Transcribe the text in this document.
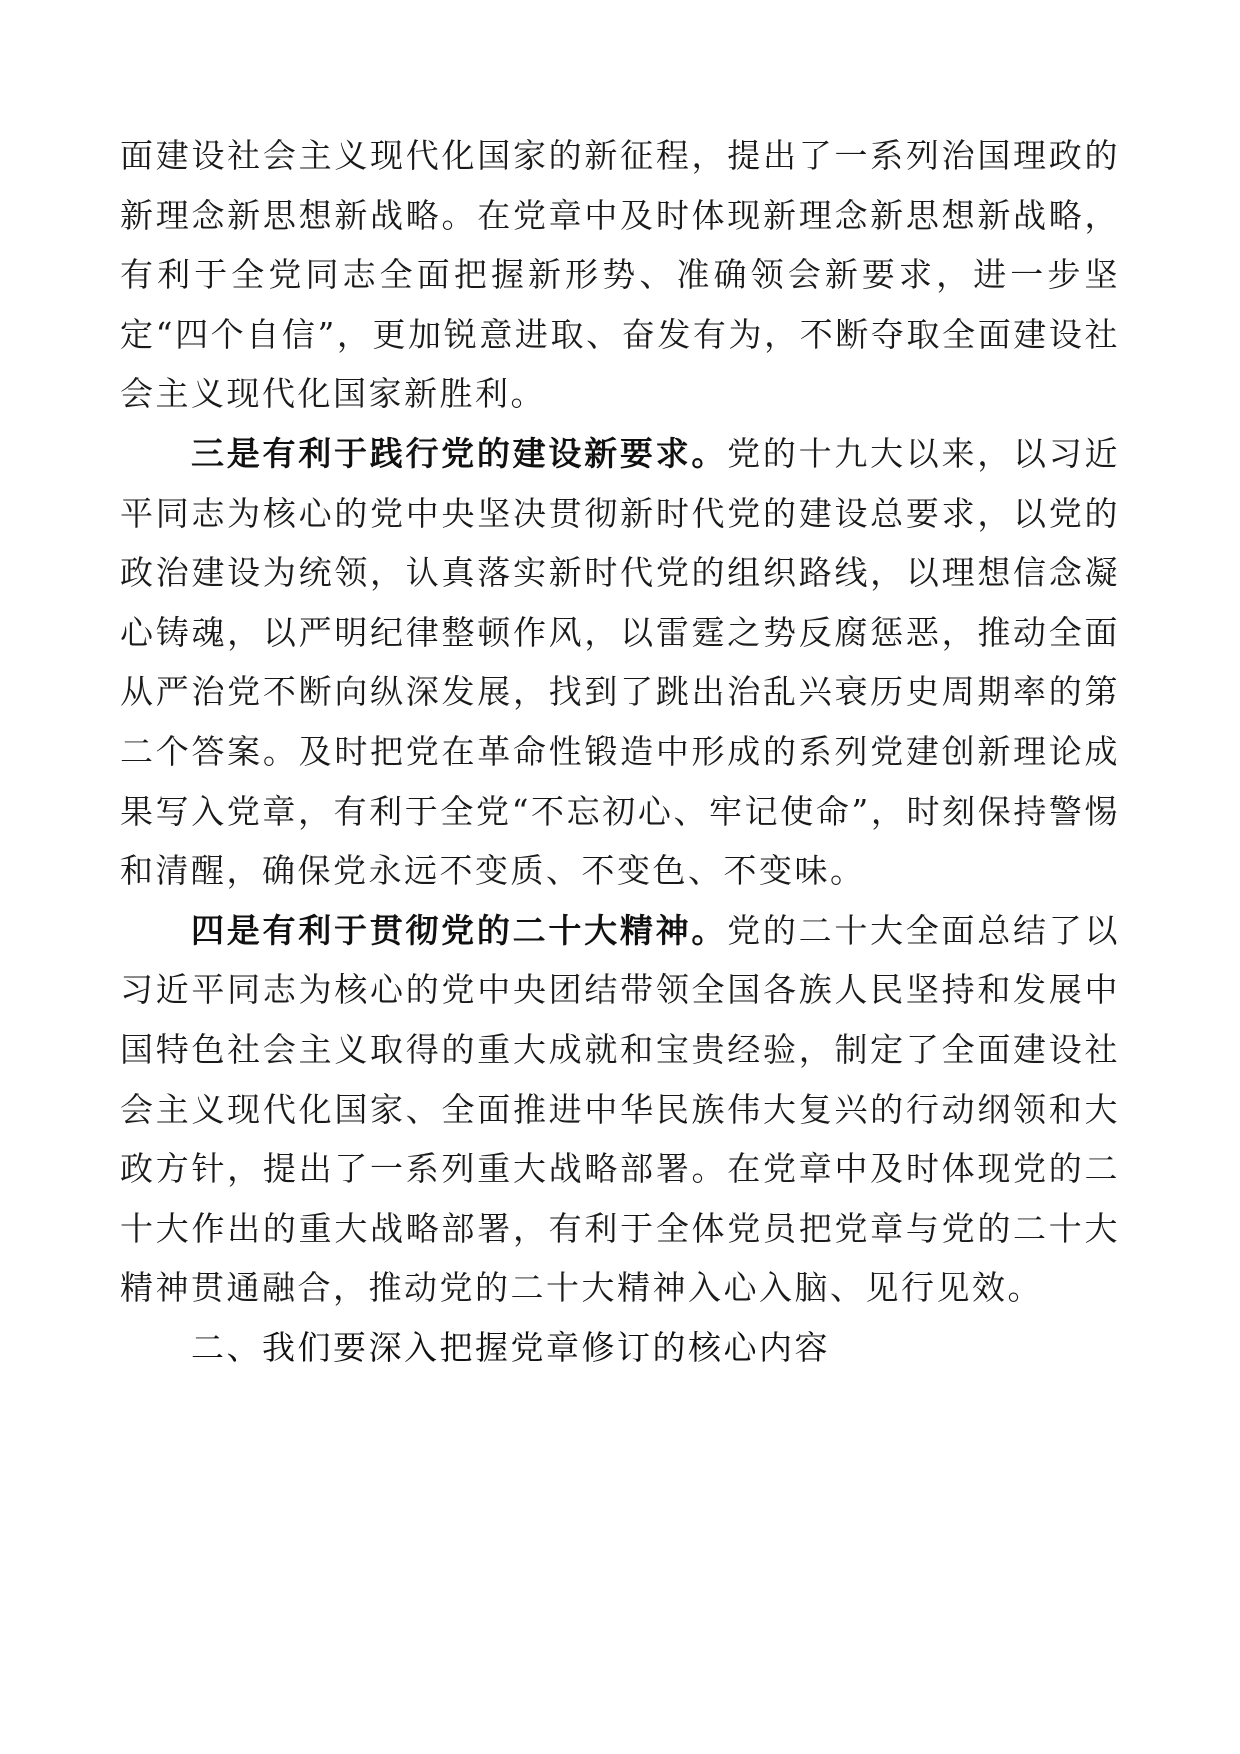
面建设社会主义现代化国家的新征程，提出了一系列治国理政的新理念新思想新战略。在党章中及时体现新理念新思想新战略，有利于全党同志全面把握新形势、准确领会新要求，进一步坚定“四个自信”，更加锐意进取、奋发有为，不断夺取全面建设社会主义现代化国家新胜利。

三是有利于践行党的建设新要求。党的十九大以来，以习近平同志为核心的党中央坚决贯彻新时代党的建设总要求，以党的政治建设为统领，认真落实新时代党的组织路线，以理想信念凝心铸魂，以严明纪律整顿作风，以雷霆之势反腐惩恶，推动全面从严治党不断向纵深发展，找到了跳出治乱兴衰历史周期率的第二个答案。及时把党在革命性锻造中形成的系列党建创新理论成果写入党章，有利于全党“不忘初心、牢记使命”，时刻保持警惕和清醒，确保党永远不变质、不变色、不变味。

四是有利于贯彻党的二十大精神。党的二十大全面总结了以习近平同志为核心的党中央团结带领全国各族人民坚持和发展中国特色社会主义取得的重大成就和宝贵经验，制定了全面建设社会主义现代化国家、全面推进中华民族伟大复兴的行动纲领和大政方针，提出了一系列重大战略部署。在党章中及时体现党的二十大作出的重大战略部署，有利于全体党员把党章与党的二十大精神贯通融合，推动党的二十大精神入心入脑、见行见效。

二、我们要深入把握党章修订的核心内容
